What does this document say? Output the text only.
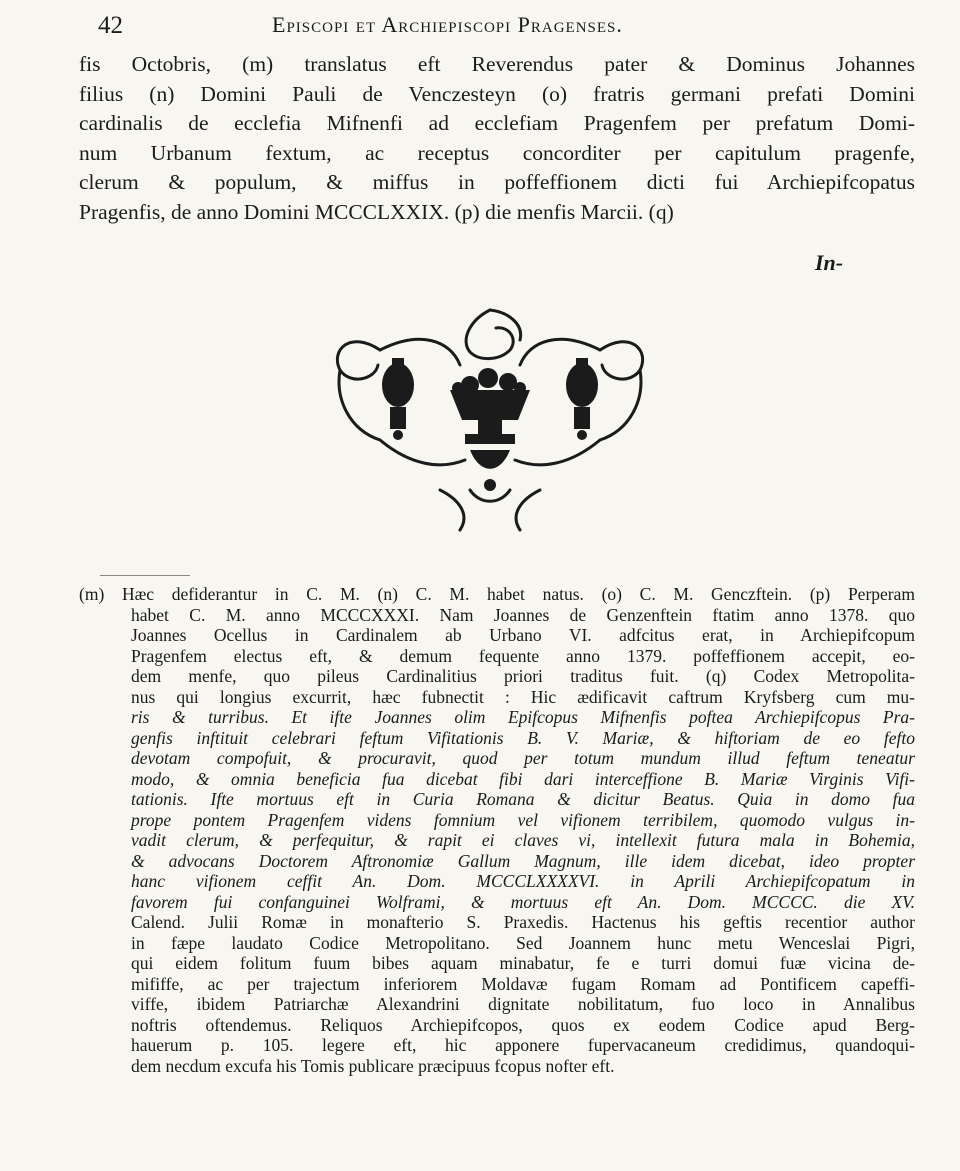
42	Episcopi et Archiepiscopi Pragenses.
fis Octobris, (m) translatus eft Reverendus pater & Dominus Johannes
filius (n) Domini Pauli de Venczesteyn (o) fratris germani prefati Domini
cardinalis de ecclefia Mifnenfi ad ecclefiam Pragenfem per prefatum Domi-
num Urbanum fextum, ac receptus concorditer per capitulum pragenfe,
clerum & populum, & miffus in poffeffionem dicti fui Archiepifcopatus
Pragenfis, de anno Domini MCCCLXXIX. (p) die menfis Marcii. (q)
In-
(m) Hæc defiderantur in C. M. (n) C. M. habet natus. (o) C. M. Genczftein. (p) Perperam
habet C. M. anno MCCCXXXI. Nam Joannes de Genzenftein ftatim anno 1378. quo
Joannes Ocellus in Cardinalem ab Urbano VI. adfcitus erat, in Archiepifcopum
Pragenfem electus eft, & demum fequente anno 1379. poffeffionem accepit, eo-
dem menfe, quo pileus Cardinalitius priori traditus fuit. (q) Codex Metropolita-
nus qui longius excurrit, hæc fubnectit : Hic ædificavit caftrum Kryfsberg cum mu-
ris & turribus. Et ifte Joannes olim Epifcopus Mifnenfis poftea Archiepifcopus Pra-
genfis inftituit celebrari feftum Vifitationis B. V. Mariæ, & hiftoriam de eo fefto
devotam compofuit, & procuravit, quod per totum mundum illud feftum teneatur
modo, & omnia beneficia fua dicebat fibi dari interceffione B. Mariæ Virginis Vifi-
tationis. Ifte mortuus eft in Curia Romana & dicitur Beatus. Quia in domo fua
prope pontem Pragenfem videns fomnium vel vifionem terribilem, quomodo vulgus in-
vadit clerum, & perfequitur, & rapit ei claves vi, intellexit futura mala in Bohemia,
& advocans Doctorem Aftronomiæ Gallum Magnum, ille idem dicebat, ideo propter
hanc vifionem ceffit An. Dom. MCCCLXXXXVI. in Aprili Archiepifcopatum in
favorem fui confanguinei Wolframi, & mortuus eft An. Dom. MCCCC. die XV.
Calend. Julii Romæ in monafterio S. Praxedis. Hactenus his geftis recentior author
in fæpe laudato Codice Metropolitano. Sed Joannem hunc metu Wenceslai Pigri,
qui eidem folitum fuum bibes aquam minabatur, fe e turri domui fuæ vicina de-
mififfe, ac per trajectum inferiorem Moldavæ fugam Romam ad Pontificem capeffi-
viffe, ibidem Patriarchæ Alexandrini dignitate nobilitatum, fuo loco in Annalibus
noftris oftendemus. Reliquos Archiepifcopos, quos ex eodem Codice apud Berg-
hauerum p. 105. legere eft, hic apponere fupervacaneum credidimus, quandoqui-
dem necdum excufa his Tomis publicare præcipuus fcopus nofter eft.
